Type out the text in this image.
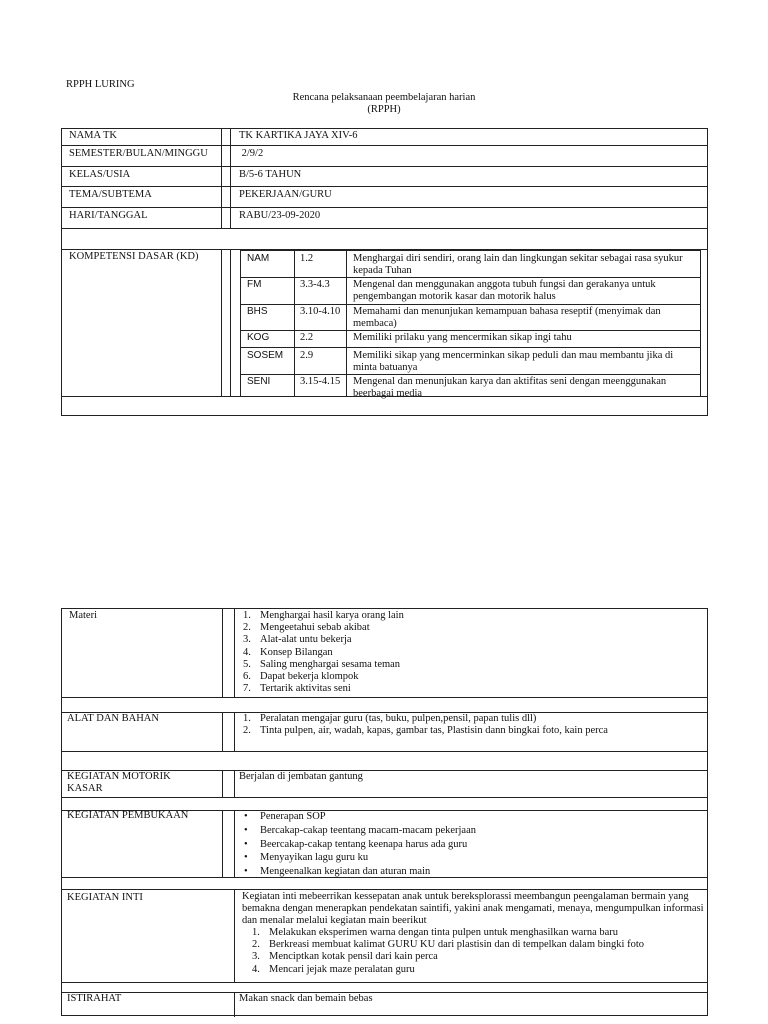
RPPH LURING
Rencana pelaksanaan peembelajaran harian
(RPPH)
NAMA TK	TK KARTIKA JAYA XIV-6
SEMESTER/BULAN/MINGGU	2/9/2
KELAS/USIA	B/5-6 TAHUN
TEMA/SUBTEMA	PEKERJAAN/GURU
HARI/TANGGAL	RABU/23-09-2020
KOMPETENSI DASAR (KD)	NAM	1.2	Menghargai diri sendiri, orang lain dan lingkungan sekitar sebagai rasa syukur kepada Tuhan
FM	3.3-4.3 Mengenal dan menggunakan anggota tubuh fungsi dan gerakanya untuk pengembangan motorik kasar dan motorik halus
BHS	3.10-4.10 Memahami dan menunjukan kemampuan bahasa reseptif (menyimak dan membaca)
KOG	2.2	Memiliki prilaku yang mencermikan sikap ingi tahu
SOSEM 2.9	Memiliki sikap yang mencerminkan sikap peduli dan mau membantu jika di minta batuanya
SENI	3.15-4.15 Mengenal dan menunjukan karya dan aktifitas seni dengan meenggunakan beerbagai media
Materi	Menghargai hasil karya orang lain
Mengeetahui sebab akibat
Alat-alat untu bekerja
Konsep Bilangan
Saling menghargai sesama teman
Dapat bekerja klompok
Tertarik aktivitas seni
ALAT DAN BAHAN	Peralatan mengajar guru (tas, buku, pulpen,pensil, papan tulis dll)
Tinta pulpen, air, wadah, kapas, gambar tas, Plastisin dann bingkai foto, kain perca
KEGIATAN MOTORIK
KASAR
Berjalan di jembatan gantung
KEGIATAN PEMBUKAAN
•	Penerapan SOP
• Bercakap-cakap teentang macam-macam pekerjaan
• Beercakap-cakap tentang keenapa harus ada guru
• Menyayikan lagu guru ku
• Mengeenalkan kegiatan dan aturan main
KEGIATAN INTI	Kegiatan inti mebeerrikan kessepatan anak untuk bereksplorassi meembangun peengalaman bermain yang bemakna dengan menerapkan pendekatan saintifi, yakini anak mengamati, menaya, mengumpulkan informasi dan menalar melalui kegiatan main beerikut
Melakukan eksperimen warna dengan tinta pulpen untuk menghasilkan warna baru
Berkreasi membuat kalimat GURU KU dari plastisin dan di tempelkan dalam bingki foto
Menciptkan kotak pensil dari kain perca
Mencari jejak maze peralatan guru
ISTIRAHAT	Makan snack dan bemain bebas
